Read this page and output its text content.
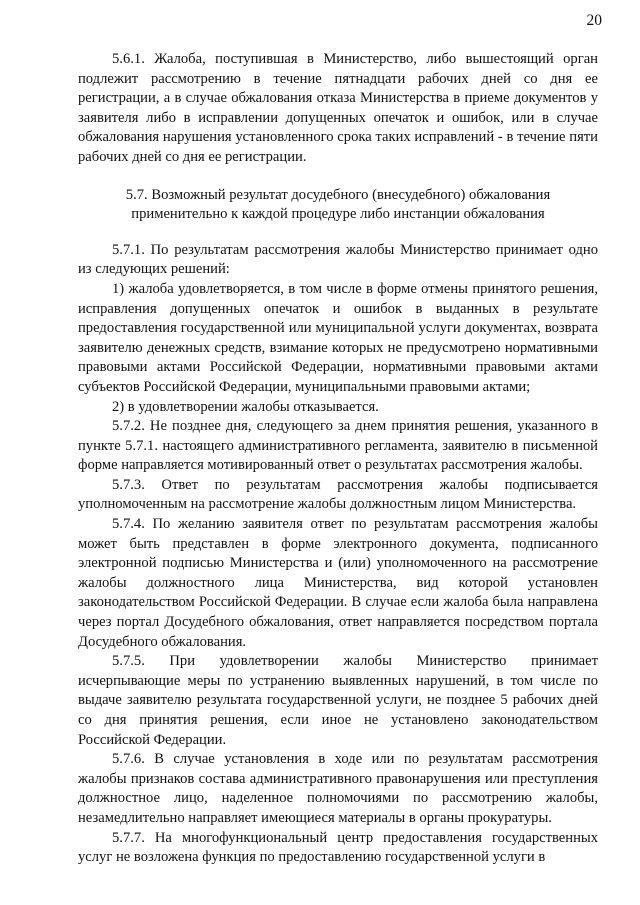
20

5.6.1. Жалоба, поступившая в Министерство, либо вышестоящий орган подлежит рассмотрению в течение пятнадцати рабочих дней со дня ее регистрации, а в случае обжалования отказа Министерства в приеме документов у заявителя либо в исправлении допущенных опечаток и ошибок, или в случае обжалования нарушения установленного срока таких исправлений - в течение пяти рабочих дней со дня ее регистрации.

5.7. Возможный результат досудебного (внесудебного) обжалования применительно к каждой процедуре либо инстанции обжалования

5.7.1. По результатам рассмотрения жалобы Министерство принимает одно из следующих решений:

1) жалоба удовлетворяется, в том числе в форме отмены принятого решения, исправления допущенных опечаток и ошибок в выданных в результате предоставления государственной или муниципальной услуги документах, возврата заявителю денежных средств, взимание которых не предусмотрено нормативными правовыми актами Российской Федерации, нормативными правовыми актами субъектов Российской Федерации, муниципальными правовыми актами;

2) в удовлетворении жалобы отказывается.

5.7.2. Не позднее дня, следующего за днем принятия решения, указанного в пункте 5.7.1. настоящего административного регламента, заявителю в письменной форме направляется мотивированный ответ о результатах рассмотрения жалобы.

5.7.3. Ответ по результатам рассмотрения жалобы подписывается уполномоченным на рассмотрение жалобы должностным лицом Министерства.

5.7.4. По желанию заявителя ответ по результатам рассмотрения жалобы может быть представлен в форме электронного документа, подписанного электронной подписью Министерства и (или) уполномоченного на рассмотрение жалобы должностного лица Министерства, вид которой установлен законодательством Российской Федерации. В случае если жалоба была направлена через портал Досудебного обжалования, ответ направляется посредством портала Досудебного обжалования.

5.7.5. При удовлетворении жалобы Министерство принимает исчерпывающие меры по устранению выявленных нарушений, в том числе по выдаче заявителю результата государственной услуги, не позднее 5 рабочих дней со дня принятия решения, если иное не установлено законодательством Российской Федерации.

5.7.6. В случае установления в ходе или по результатам рассмотрения жалобы признаков состава административного правонарушения или преступления должностное лицо, наделенное полномочиями по рассмотрению жалобы, незамедлительно направляет имеющиеся материалы в органы прокуратуры.

5.7.7. На многофункциональный центр предоставления государственных услуг не возложена функция по предоставлению государственной услуги в
